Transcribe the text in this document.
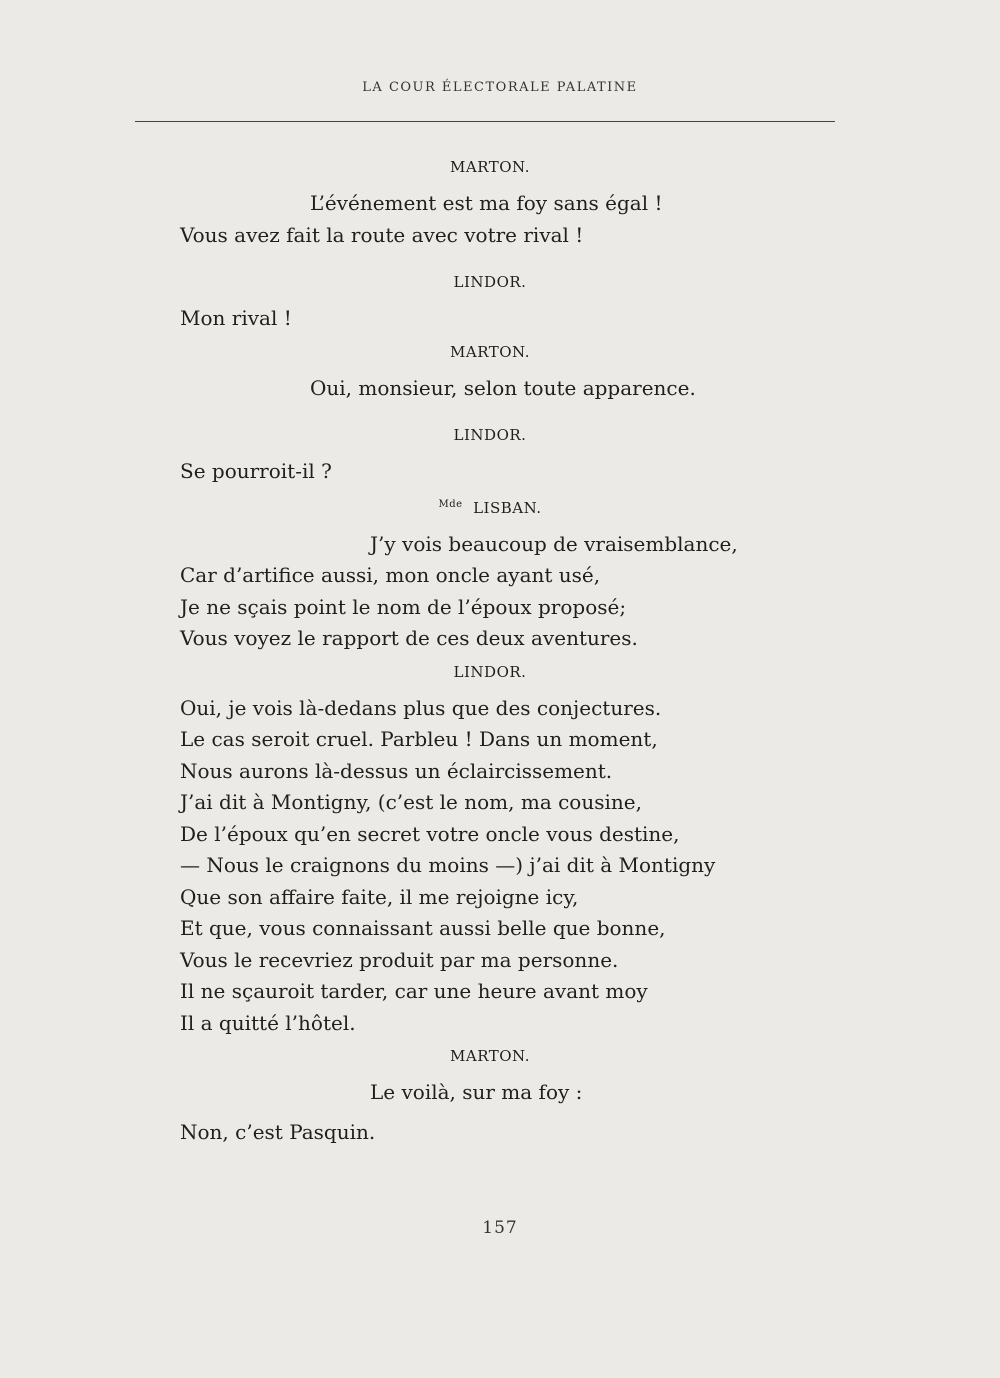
LA COUR ÉLECTORALE PALATINE
MARTON.
L’événement est ma foy sans égal !
Vous avez fait la route avec votre rival !
LINDOR.
Mon rival !
MARTON.
Oui, monsieur, selon toute apparence.
LINDOR.
Se pourroit-il ?
$^{Mde}$ LISBAN.
J’y vois beaucoup de vraisemblance,
Car d’artifice aussi, mon oncle ayant usé,
Je ne sçais point le nom de l’époux proposé;
Vous voyez le rapport de ces deux aventures.
LINDOR.
Oui, je vois là-dedans plus que des conjectures.
Le cas seroit cruel. Parbleu ! Dans un moment,
Nous aurons là-dessus un éclaircissement.
J’ai dit à Montigny, (c’est le nom, ma cousine,
De l’époux qu’en secret votre oncle vous destine,
— Nous le craignons du moins —) j’ai dit à Montigny
Que son affaire faite, il me rejoigne icy,
Et que, vous connaissant aussi belle que bonne,
Vous le recevriez produit par ma personne.
Il ne sçauroit tarder, car une heure avant moy
Il a quitté l’hôtel.
MARTON.
Le voilà, sur ma foy :
Non, c’est Pasquin.
157
